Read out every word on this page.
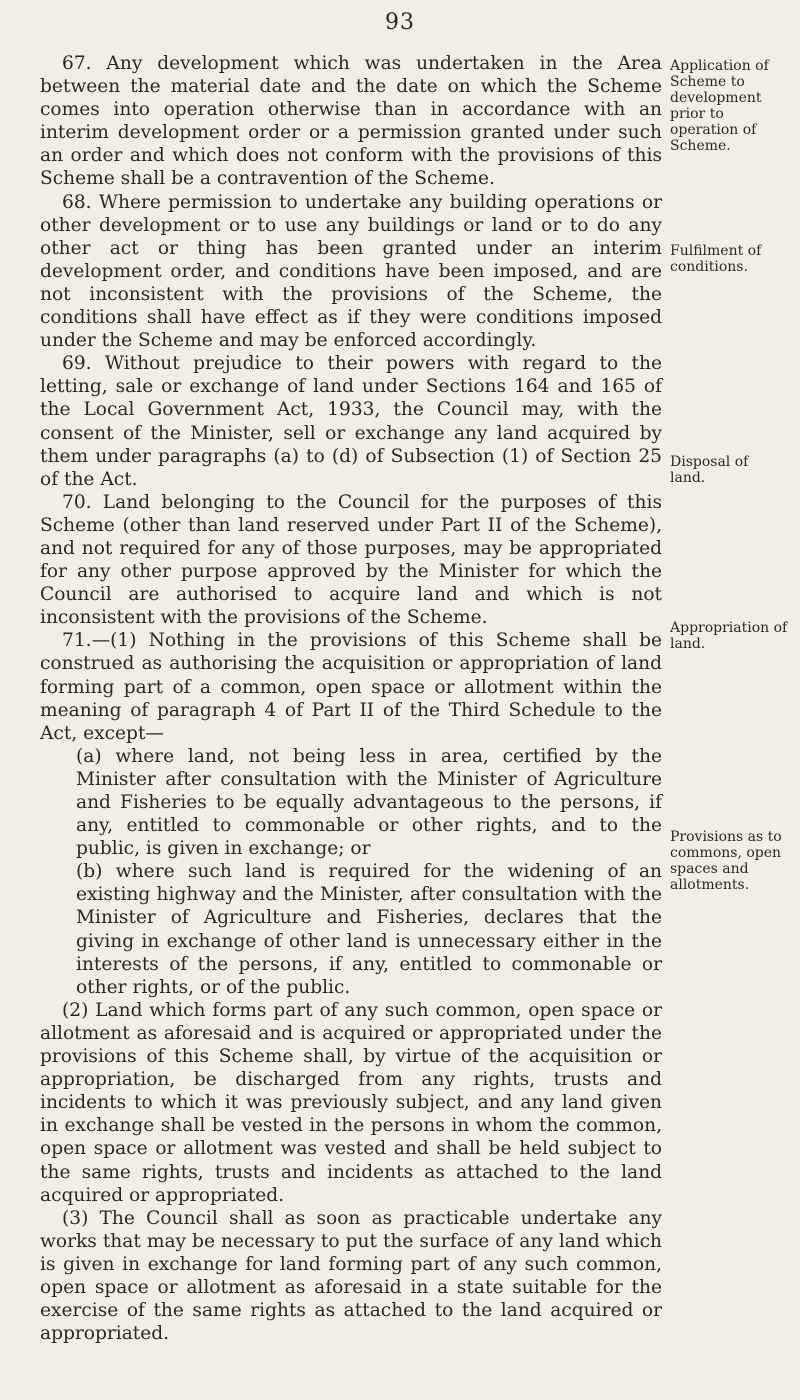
93

67. Any development which was undertaken in the Area between the material date and the date on which the Scheme comes into operation otherwise than in accordance with an interim development order or a permission granted under such an order and which does not conform with the provisions of this Scheme shall be a contravention of the Scheme.

68. Where permission to undertake any building operations or other development or to use any buildings or land or to do any other act or thing has been granted under an interim development order, and conditions have been imposed, and are not inconsistent with the provisions of the Scheme, the conditions shall have effect as if they were conditions imposed under the Scheme and may be enforced accordingly.

69. Without prejudice to their powers with regard to the letting, sale or exchange of land under Sections 164 and 165 of the Local Government Act, 1933, the Council may, with the consent of the Minister, sell or exchange any land acquired by them under paragraphs (a) to (d) of Subsection (1) of Section 25 of the Act.

70. Land belonging to the Council for the purposes of this Scheme (other than land reserved under Part II of the Scheme), and not required for any of those purposes, may be appropriated for any other purpose approved by the Minister for which the Council are authorised to acquire land and which is not inconsistent with the provisions of the Scheme.

71.—(1) Nothing in the provisions of this Scheme shall be construed as authorising the acquisition or appropriation of land forming part of a common, open space or allotment within the meaning of paragraph 4 of Part II of the Third Schedule to the Act, except—

(a) where land, not being less in area, certified by the Minister after consultation with the Minister of Agriculture and Fisheries to be equally advantageous to the persons, if any, entitled to commonable or other rights, and to the public, is given in exchange; or

(b) where such land is required for the widening of an existing highway and the Minister, after consultation with the Minister of Agriculture and Fisheries, declares that the giving in exchange of other land is unnecessary either in the interests of the persons, if any, entitled to commonable or other rights, or of the public.

(2) Land which forms part of any such common, open space or allotment as aforesaid and is acquired or appropriated under the provisions of this Scheme shall, by virtue of the acquisition or appropriation, be discharged from any rights, trusts and incidents to which it was previously subject, and any land given in exchange shall be vested in the persons in whom the common, open space or allotment was vested and shall be held subject to the same rights, trusts and incidents as attached to the land acquired or appropriated.

(3) The Council shall as soon as practicable undertake any works that may be necessary to put the surface of any land which is given in exchange for land forming part of any such common, open space or allotment as aforesaid in a state suitable for the exercise of the same rights as attached to the land acquired or appropriated.

Application of Scheme to development prior to operation of Scheme.
Fulfilment of conditions.
Disposal of land.
Appropriation of land.
Provisions as to commons, open spaces and allotments.
